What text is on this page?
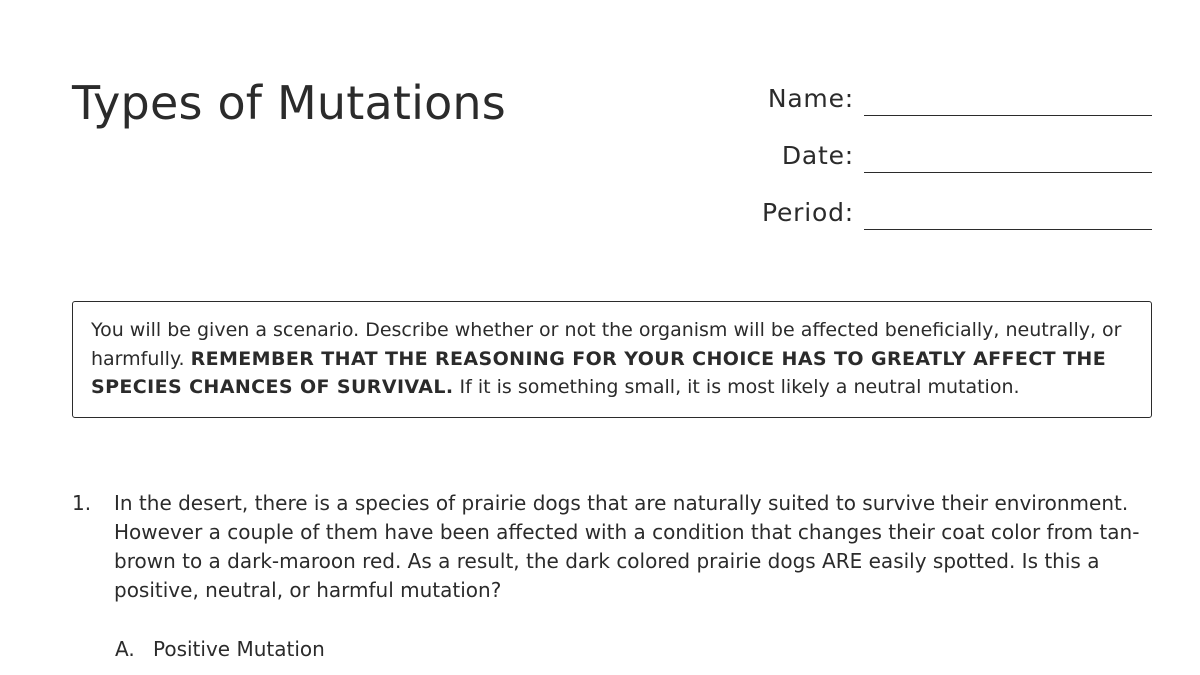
Types of Mutations	Name:
Date:
Period:
You will be given a scenario. Describe whether or not the organism will be affected beneficially, neutrally, or harmfully. REMEMBER THAT THE REASONING FOR YOUR CHOICE HAS TO GREATLY AFFECT THE SPECIES CHANCES OF SURVIVAL. If it is something small, it is most likely a neutral mutation.
1. In the desert, there is a species of prairie dogs that are naturally suited to survive their environment. However a couple of them have been affected with a condition that changes their coat color from tan-brown to a dark-maroon red. As a result, the dark colored prairie dogs ARE easily spotted. Is this a positive, neutral, or harmful mutation?

A. Positive Mutation
